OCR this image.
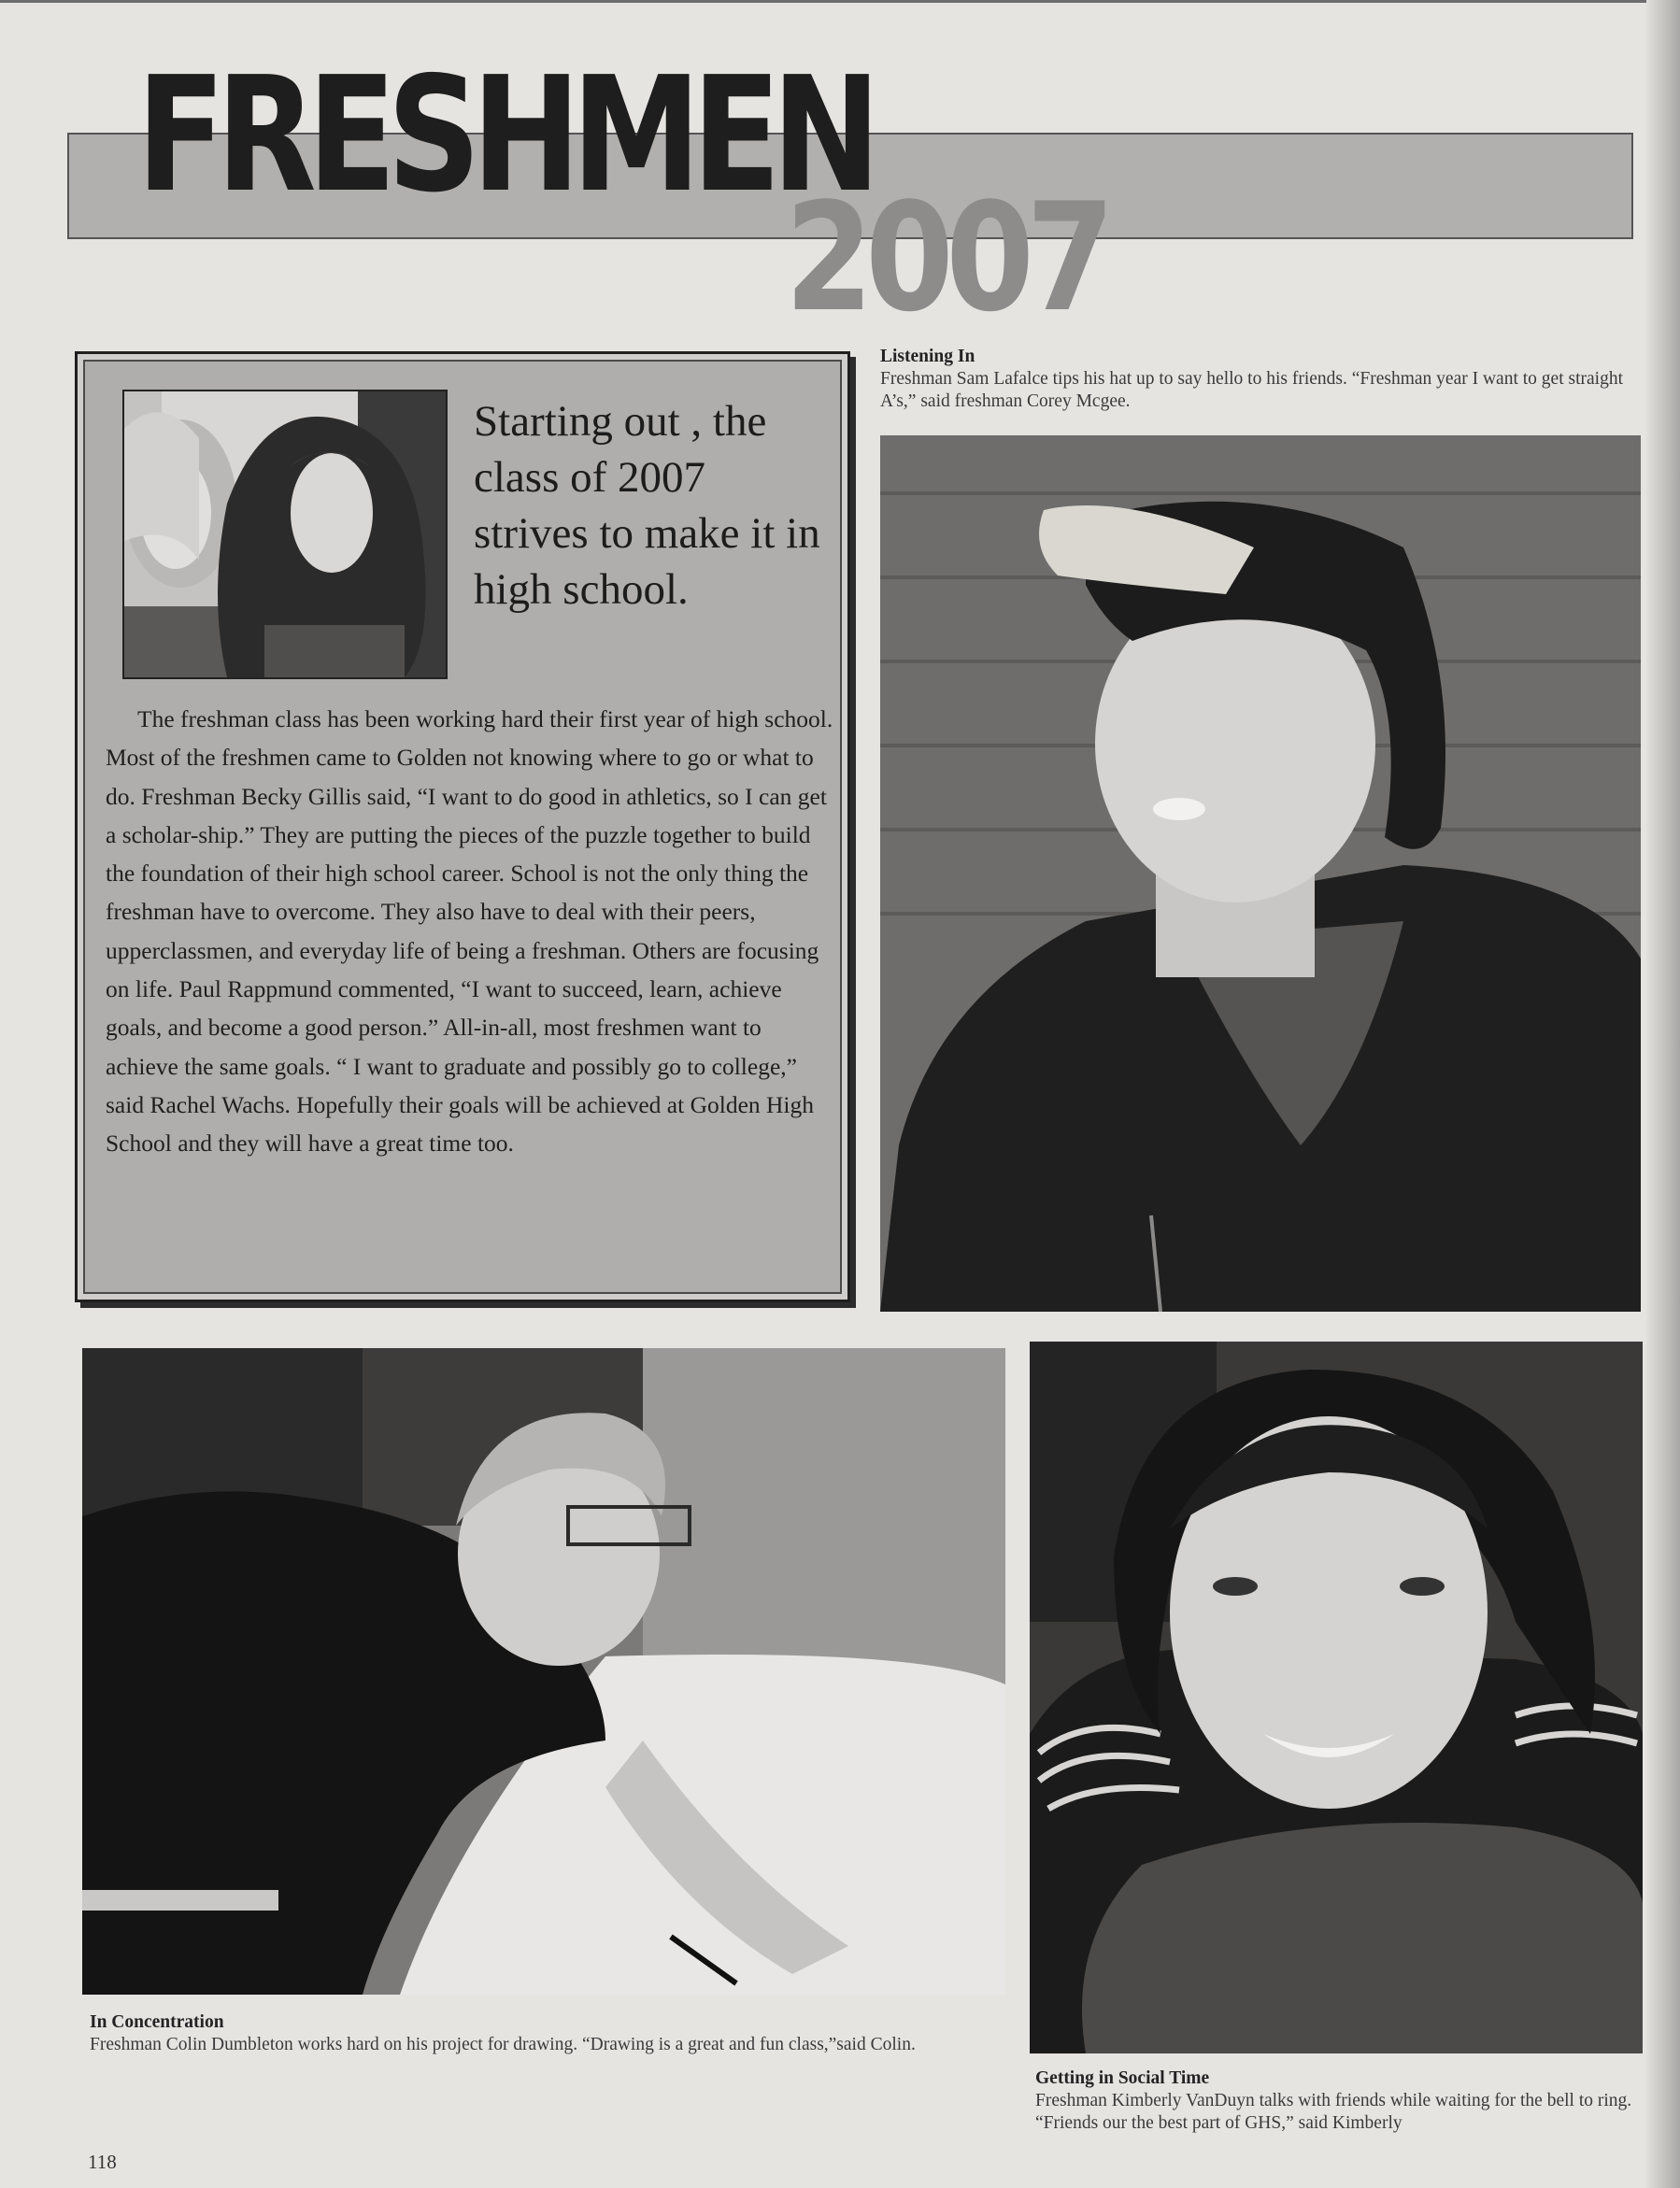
FRESHMEN
2007
Starting out , the class of 2007 strives to make it in high school.

The freshman class has been working hard their first year of high school. Most of the freshmen came to Golden not knowing where to go or what to do. Freshman Becky Gillis said, “I want to do good in athletics, so I can get a scholar-ship.” They are putting the pieces of the puzzle together to build the foundation of their high school career. School is not the only thing the freshman have to overcome. They also have to deal with their peers, upperclassmen, and everyday life of being a freshman. Others are focusing on life. Paul Rappmund commented, “I want to succeed, learn, achieve goals, and become a good person.” All-in-all, most freshmen want to achieve the same goals. “ I want to graduate and possibly go to college,” said Rachel Wachs. Hopefully their goals will be achieved at Golden High School and they will have a great time too.

Listening In
Freshman Sam Lafalce tips his hat up to say hello to his friends. “Freshman year I want to get straight A’s,” said freshman Corey Mcgee.
In Concentration
Freshman Colin Dumbleton works hard on his project for drawing. “Drawing is a great and fun class,”said Colin.
Getting in Social Time
Freshman Kimberly VanDuyn talks with friends while waiting for the bell to ring. “Friends our the best part of GHS,” said Kimberly
118
